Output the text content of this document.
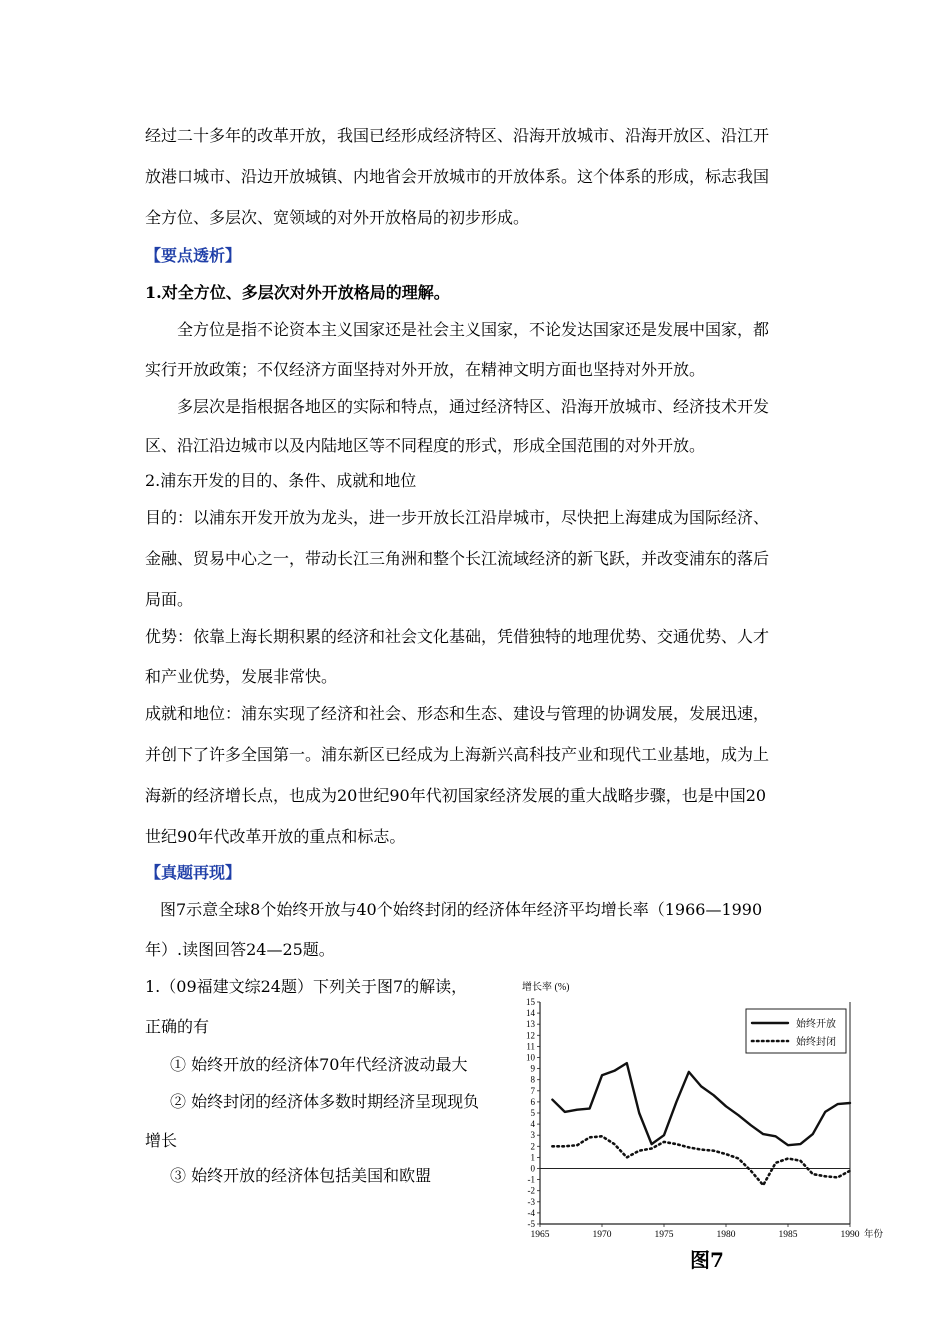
经过二十多年的改革开放，我国已经形成经济特区、沿海开放城市、沿海开放区、沿江开
放港口城市、沿边开放城镇、内地省会开放城市的开放体系。这个体系的形成，标志我国
全方位、多层次、宽领域的对外开放格局的初步形成。
【要点透析】
1.对全方位、多层次对外开放格局的理解。
全方位是指不论资本主义国家还是社会主义国家，不论发达国家还是发展中国家，都
实行开放政策；不仅经济方面坚持对外开放，在精神文明方面也坚持对外开放。
多层次是指根据各地区的实际和特点，通过经济特区、沿海开放城市、经济技术开发
区、沿江沿边城市以及内陆地区等不同程度的形式，形成全国范围的对外开放。
2.浦东开发的目的、条件、成就和地位
目的：以浦东开发开放为龙头，进一步开放长江沿岸城市，尽快把上海建成为国际经济、
金融、贸易中心之一，带动长江三角洲和整个长江流域经济的新飞跃，并改变浦东的落后
局面。
优势：依靠上海长期积累的经济和社会文化基础，凭借独特的地理优势、交通优势、人才
和产业优势，发展非常快。
成就和地位：浦东实现了经济和社会、形态和生态、建设与管理的协调发展，发展迅速，
并创下了许多全国第一。浦东新区已经成为上海新兴高科技产业和现代工业基地，成为上
海新的经济增长点，也成为20世纪90年代初国家经济发展的重大战略步骤，也是中国20
世纪90年代改革开放的重点和标志。
【真题再现】
图7示意全球8个始终开放与40个始终封闭的经济体年经济平均增长率（1966—1990
年）.读图回答24—25题。
1.（09福建文综24题）下列关于图7的解读，
正确的有
① 始终开放的经济体70年代经济波动最大
② 始终封闭的经济体多数时期经济呈现现负
增长
③ 始终开放的经济体包括美国和欧盟
增长率 (%)
15
14
13
12
11
10
9
8
7
6
5
4
3
2
1
0
-1
-2
-3
-4
-5
1965	1970	1975	1980	1985	1990 年份
始终开放
始终封闭
图7
